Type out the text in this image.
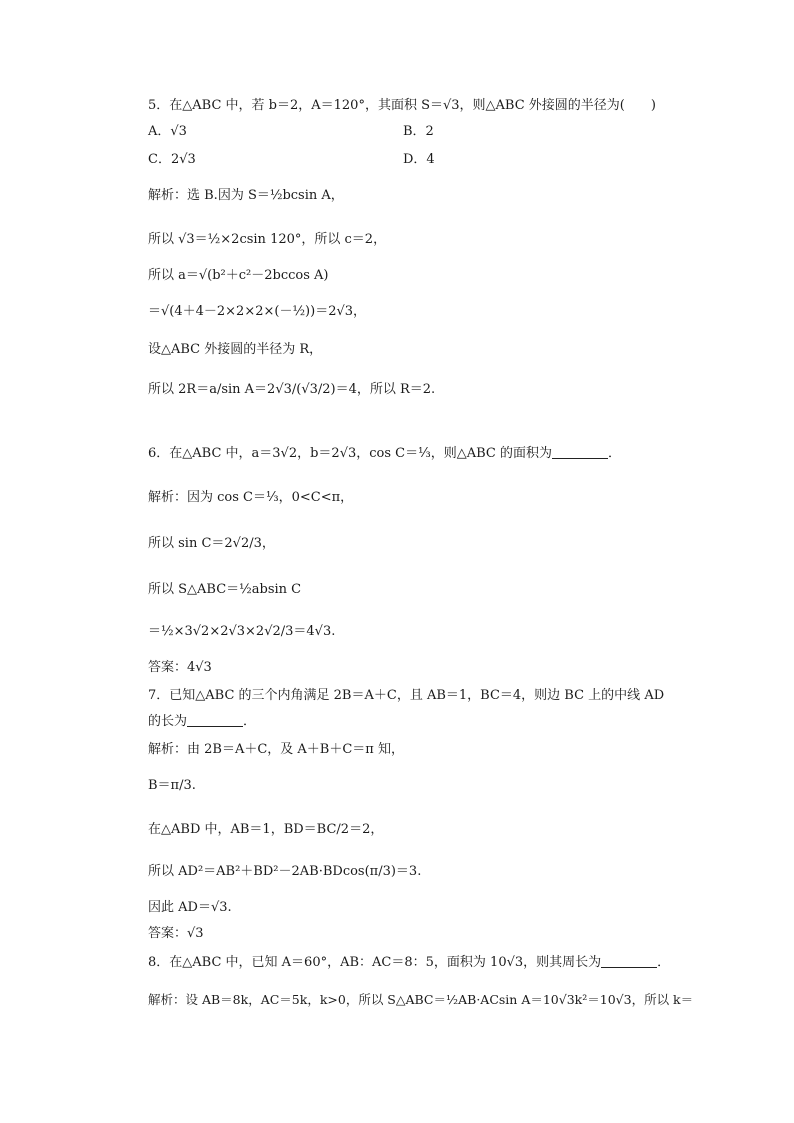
5．在△ABC 中，若 b＝2，A＝120°，其面积 S＝√3，则△ABC 外接圆的半径为(　　)
A．√3	B．2
C．2√3	D．4
解析：选 B.因为 S＝½bcsin A，
所以 √3＝½×2csin 120°，所以 c＝2，
所以 a＝√(b²＋c²－2bccos A)
＝√(4＋4－2×2×2×(－½))＝2√3，
设△ABC 外接圆的半径为 R，
所以 2R＝a/sin A＝2√3/(√3/2)＝4，所以 R＝2.
6．在△ABC 中，a＝3√2，b＝2√3，cos C＝⅓，则△ABC 的面积为	．
解析：因为 cos C＝⅓，0<C<π，
所以 sin C＝2√2/3，
所以 S△ABC＝½absin C
＝½×3√2×2√3×2√2/3＝4√3.
答案：4√3
7．已知△ABC 的三个内角满足 2B＝A＋C，且 AB＝1，BC＝4，则边 BC 上的中线 AD
的长为	．
解析：由 2B＝A＋C，及 A＋B＋C＝π 知，
B＝π/3.
在△ABD 中，AB＝1，BD＝BC/2＝2，
所以 AD²＝AB²＋BD²－2AB·BDcos(π/3)＝3.
因此 AD＝√3.
答案：√3
8．在△ABC 中，已知 A＝60°，AB：AC＝8：5，面积为 10√3，则其周长为	．
解析：设 AB＝8k，AC＝5k，k>0，所以 S△ABC＝½AB·ACsin A＝10√3k²＝10√3，所以 k＝
